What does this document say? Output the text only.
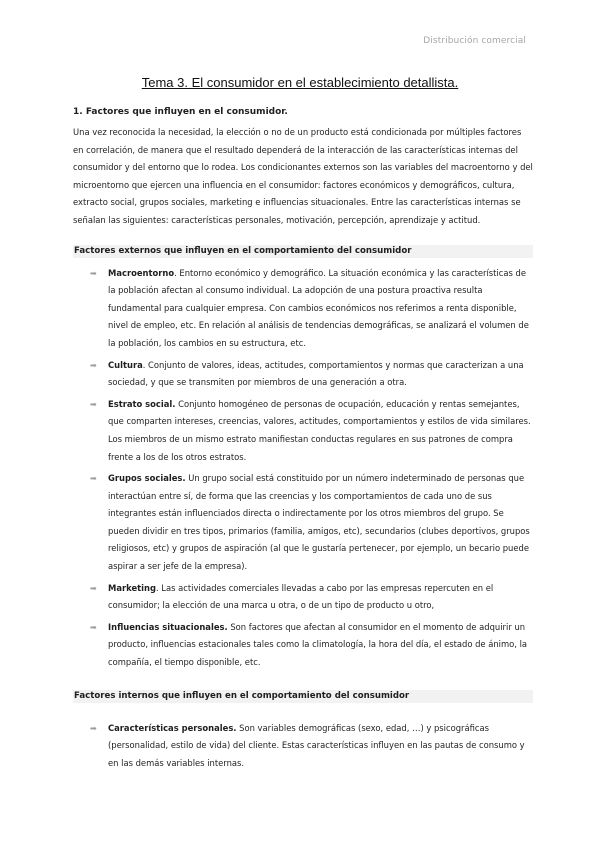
Distribución comercial
Tema 3. El consumidor en el establecimiento detallista.

1. Factores que influyen en el consumidor.

Una vez reconocida la necesidad, la elección o no de un producto está condicionada por múltiples factores en correlación, de manera que el resultado dependerá de la interacción de las características internas del consumidor y del entorno que lo rodea. Los condicionantes externos son las variables del macroentorno y del microentorno que ejercen una influencia en el consumidor: factores económicos y demográficos, cultura, extracto social, grupos sociales, marketing e influencias situacionales. Entre las características internas se señalan las siguientes: características personales, motivación, percepción, aprendizaje y actitud.

Factores externos que influyen en el comportamiento del consumidor

➡ Macroentorno. Entorno económico y demográfico. La situación económica y las características de la población afectan al consumo individual. La adopción de una postura proactiva resulta fundamental para cualquier empresa. Con cambios económicos nos referimos a renta disponible, nivel de empleo, etc. En relación al análisis de tendencias demográficas, se analizará el volumen de la población, los cambios en su estructura, etc.
➡ Cultura. Conjunto de valores, ideas, actitudes, comportamientos y normas que caracterizan a una sociedad, y que se transmiten por miembros de una generación a otra.
➡ Estrato social. Conjunto homogéneo de personas de ocupación, educación y rentas semejantes, que comparten intereses, creencias, valores, actitudes, comportamientos y estilos de vida similares. Los miembros de un mismo estrato manifiestan conductas regulares en sus patrones de compra frente a los de los otros estratos.
➡ Grupos sociales. Un grupo social está constituido por un número indeterminado de personas que interactúan entre sí, de forma que las creencias y los comportamientos de cada uno de sus integrantes están influenciados directa o indirectamente por los otros miembros del grupo. Se pueden dividir en tres tipos, primarios (familia, amigos, etc), secundarios (clubes deportivos, grupos religiosos, etc) y grupos de aspiración (al que le gustaría pertenecer, por ejemplo, un becario puede aspirar a ser jefe de la empresa).
➡ Marketing. Las actividades comerciales llevadas a cabo por las empresas repercuten en el consumidor; la elección de una marca u otra, o de un tipo de producto u otro,
➡ Influencias situacionales. Son factores que afectan al consumidor en el momento de adquirir un producto, influencias estacionales tales como la climatología, la hora del día, el estado de ánimo, la compañía, el tiempo disponible, etc.

Factores internos que influyen en el comportamiento del consumidor

➡ Características personales. Son variables demográficas (sexo, edad, …) y psicográficas (personalidad, estilo de vida) del cliente. Estas características influyen en las pautas de consumo y en las demás variables internas.
